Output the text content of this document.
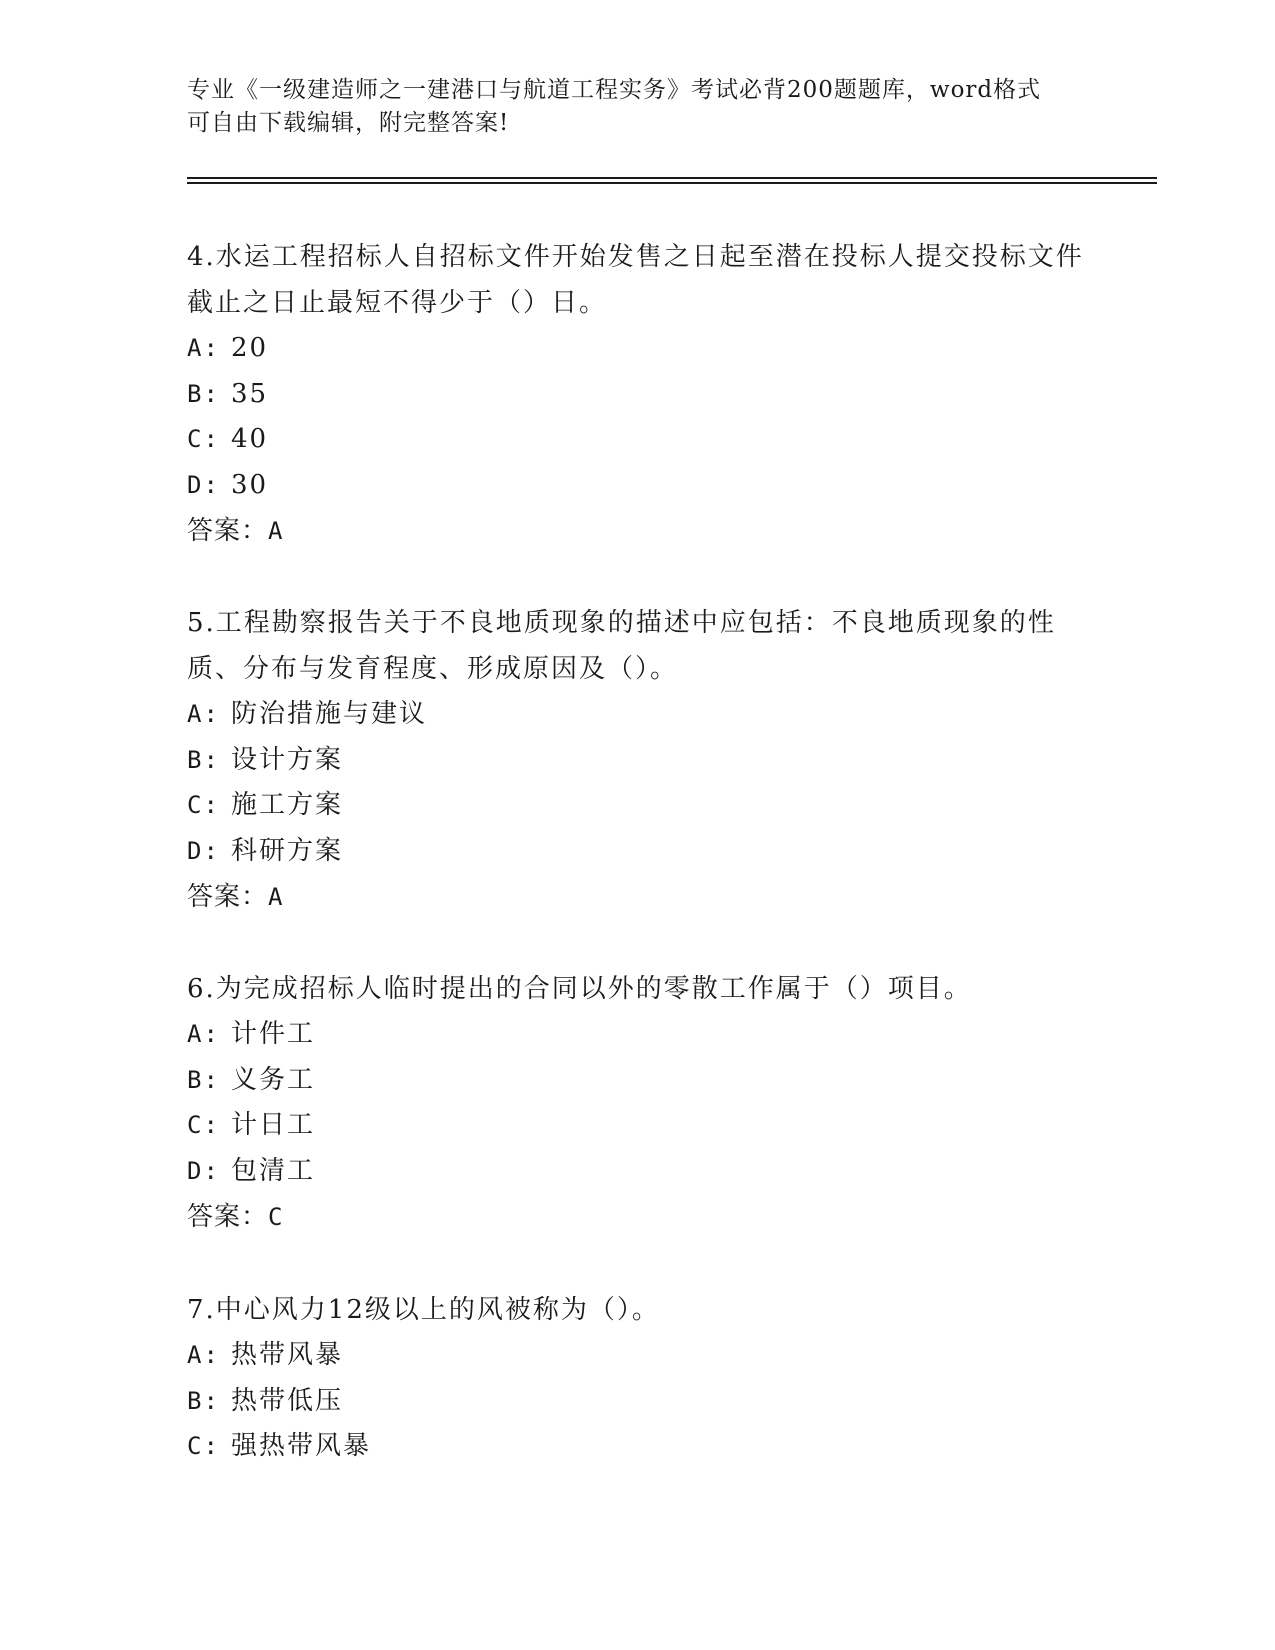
专业《一级建造师之一建港口与航道工程实务》考试必背200题题库，word格式

可自由下载编辑，附完整答案!

4.水运工程招标人自招标文件开始发售之日起至潜在投标人提交投标文件截止之日止最短不得少于（）日。

A: 20

B: 35

C: 40

D: 30

答案：A

5.工程勘察报告关于不良地质现象的描述中应包括：不良地质现象的性质、分布与发育程度、形成原因及（）。

A: 防治措施与建议

B: 设计方案

C: 施工方案

D: 科研方案

答案：A

6.为完成招标人临时提出的合同以外的零散工作属于（）项目。

A: 计件工

B: 义务工

C: 计日工

D: 包清工

答案：C

7.中心风力12级以上的风被称为（）。

A: 热带风暴

B: 热带低压

C: 强热带风暴
